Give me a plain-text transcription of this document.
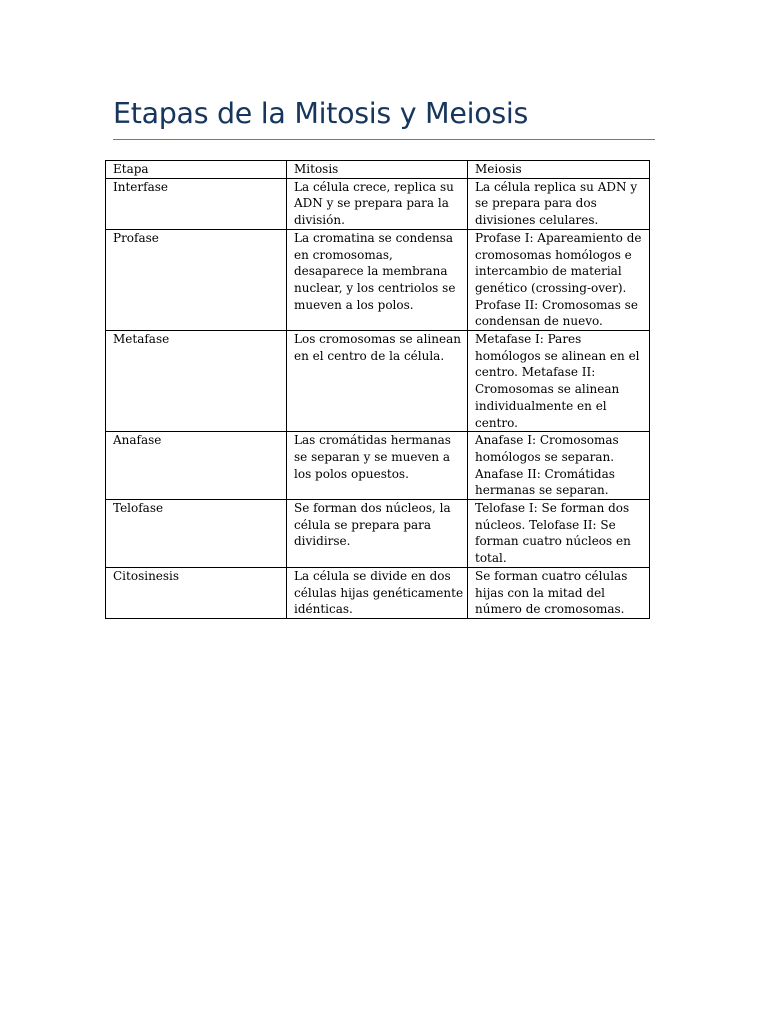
Etapas de la Mitosis y Meiosis
Etapa	Mitosis	Meiosis
Interfase	La célula crece, replica su ADN y se prepara para la división.	La célula replica su ADN y se prepara para dos divisiones celulares.
Profase	La cromatina se condensa en cromosomas, desaparece la membrana nuclear, y los centriolos se mueven a los polos.	Profase I: Apareamiento de cromosomas homólogos e intercambio de material genético (crossing-over). Profase II: Cromosomas se condensan de nuevo.
Metafase	Los cromosomas se alinean en el centro de la célula.	Metafase I: Pares homólogos se alinean en el centro. Metafase II: Cromosomas se alinean individualmente en el centro.
Anafase	Las cromátidas hermanas se separan y se mueven a los polos opuestos.	Anafase I: Cromosomas homólogos se separan. Anafase II: Cromátidas hermanas se separan.
Telofase	Se forman dos núcleos, la célula se prepara para dividirse.	Telofase I: Se forman dos núcleos. Telofase II: Se forman cuatro núcleos en total.
Citosinesis	La célula se divide en dos células hijas genéticamente idénticas.	Se forman cuatro células hijas con la mitad del número de cromosomas.
